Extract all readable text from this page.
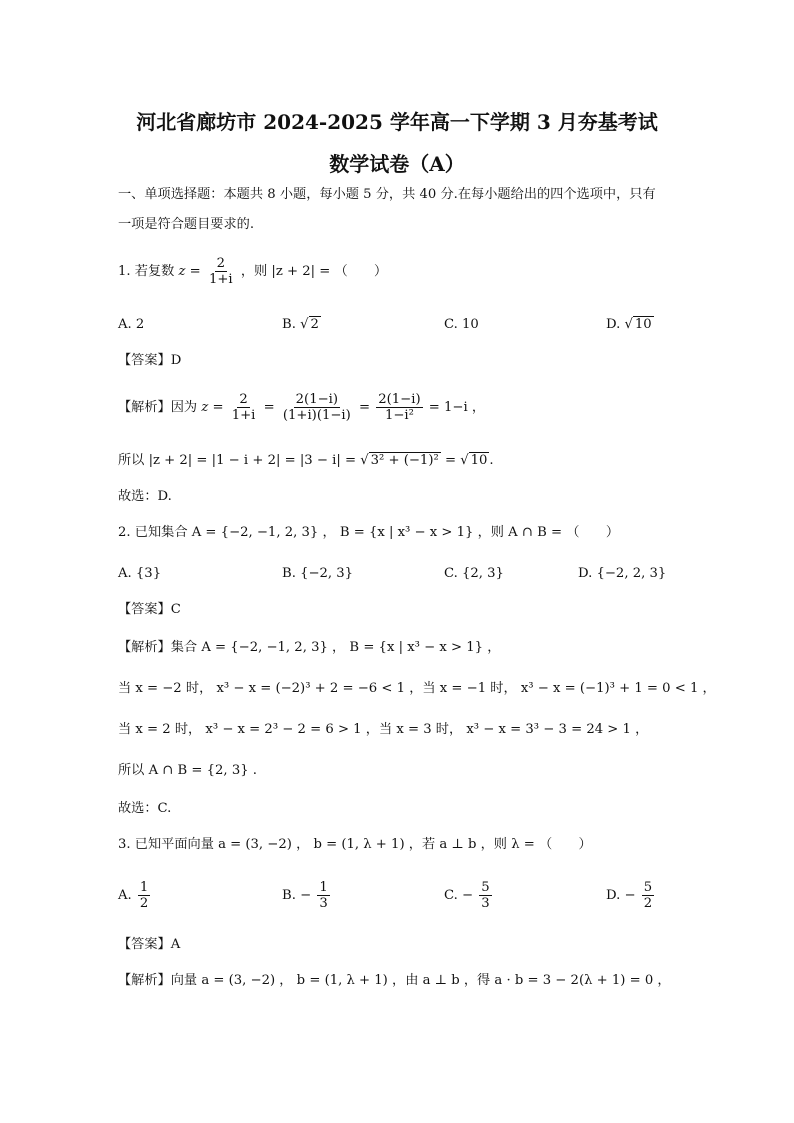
河北省廊坊市 2024-2025 学年高一下学期 3 月夯基考试
数学试卷（A）
一、单项选择题：本题共 8 小题，每小题 5 分，共 40 分.在每小题给出的四个选项中，只有
一项是符合题目要求的.
1. 若复数 $z = \frac{2}{1+i}$ ，则 |z + 2| = （　　）
A. 2	B. √ 2	C. 10	D. √ 10
【答案】D
【解析】因为 $z = \frac{2}{1+i} = \frac{2(1-i)}{(1+i)(1-i)} = \frac{2(1-i)}{\text{1−i²}} = 1-i$ ，
所以 |z + 2| = |1 − i + 2| = |3 − i| = √ 3² + (−1)² = √ 10 .
故选：D.
2. 已知集合 A = {−2, −1, 2, 3} ， B = {x | x³ − x > 1} ，则 A ∩ B = （　　）
A. {3}	B. {−2, 3}	C. {2, 3}	D. {−2, 2, 3}
【答案】C
【解析】集合 A = {−2, −1, 2, 3} ， B = {x | x³ − x > 1} ，
当 x = −2 时， x³ − x = (−2)³ + 2 = −6 < 1 ，当 x = −1 时， x³ − x = (−1)³ + 1 = 0 < 1 ，
当 x = 2 时， x³ − x = 2³ − 2 = 6 > 1 ，当 x = 3 时， x³ − x = 3³ − 3 = 24 > 1 ，
所以 A ∩ B = {2, 3} .
故选：C.
3. 已知平面向量 a = (3, −2) ， b = (1, λ + 1) ，若 a ⊥ b ，则 λ = （　　）
A. $\frac{1}{2}$	B. − $\frac{1}{3}$	C. − $\frac{5}{3}$	D. − $\frac{5}{2}$
【答案】A
【解析】向量 a = (3, −2) ， b = (1, λ + 1) ，由 a ⊥ b ，得 a · b = 3 − 2(λ + 1) = 0 ，
